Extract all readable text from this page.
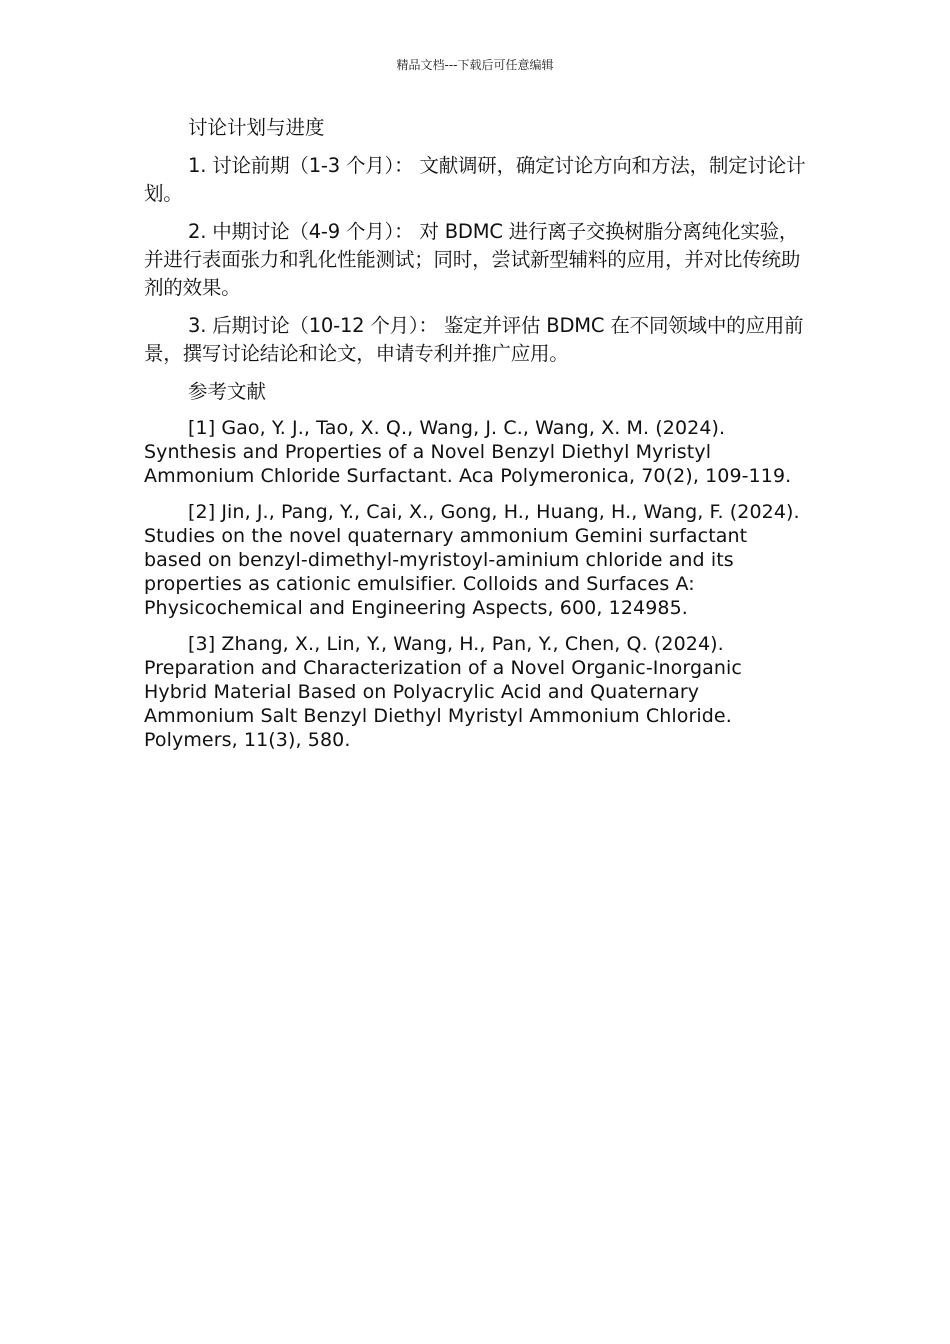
精品文档---下载后可任意编辑

讨论计划与进度

1. 讨论前期（1-3 个月）： 文献调研，确定讨论方向和方法，制定讨论计划。

2. 中期讨论（4-9 个月）： 对 BDMC 进行离子交换树脂分离纯化实验，并进行表面张力和乳化性能测试；同时，尝试新型辅料的应用，并对比传统助剂的效果。

3. 后期讨论（10-12 个月）： 鉴定并评估 BDMC 在不同领域中的应用前景，撰写讨论结论和论文，申请专利并推广应用。

参考文献

[1] Gao, Y. J., Tao, X. Q., Wang, J. C., Wang, X. M. (2024). Synthesis and Properties of a Novel Benzyl Diethyl Myristyl Ammonium Chloride Surfactant. Aca Polymeronica, 70(2), 109-119.

[2] Jin, J., Pang, Y., Cai, X., Gong, H., Huang, H., Wang, F. (2024). Studies on the novel quaternary ammonium Gemini surfactant based on benzyl-dimethyl-myristoyl-aminium chloride and its properties as cationic emulsifier. Colloids and Surfaces A: Physicochemical and Engineering Aspects, 600, 124985.

[3] Zhang, X., Lin, Y., Wang, H., Pan, Y., Chen, Q. (2024). Preparation and Characterization of a Novel Organic-Inorganic Hybrid Material Based on Polyacrylic Acid and Quaternary Ammonium Salt Benzyl Diethyl Myristyl Ammonium Chloride. Polymers, 11(3), 580.
